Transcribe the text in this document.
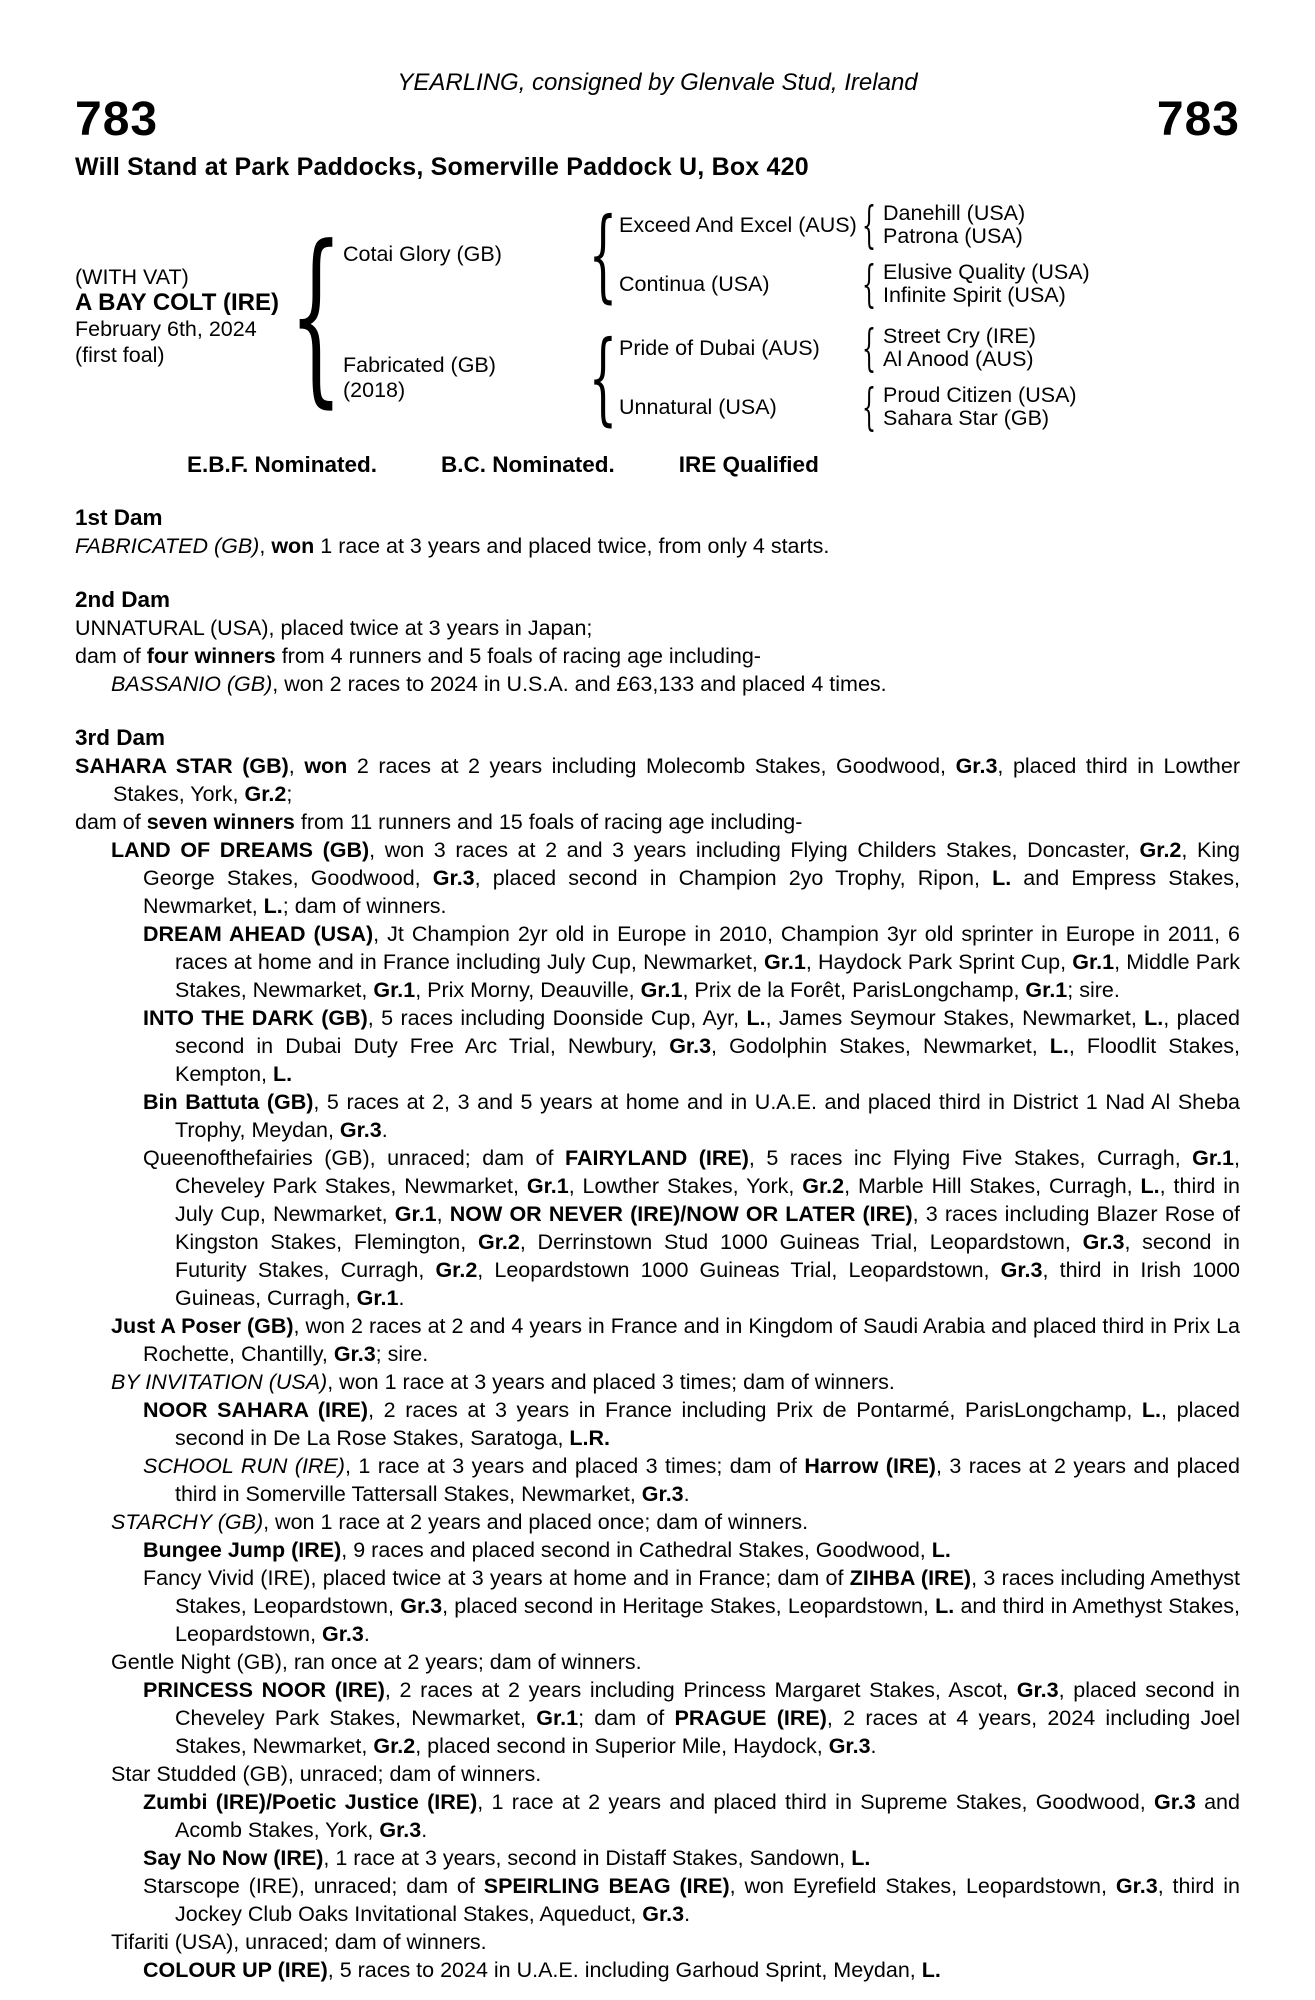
783	783
YEARLING, consigned by Glenvale Stud, Ireland
Will Stand at Park Paddocks, Somerville Paddock U, Box 420
(WITH VAT)
A BAY COLT (IRE)
February 6th, 2024
(first foal) { Cotai Glory (GB) { Exceed And Excel (AUS) { Danehill (USA)
Patrona (USA)
Continua (USA)	{ Elusive Quality (USA)
Infinite Spirit (USA)
Fabricated (GB)
(2018)	{ Pride of Dubai (AUS) { Street Cry (IRE)
Al Anood (AUS)
Unnatural (USA)	{ Proud Citizen (USA)
Sahara Star (GB)
E.B.F. Nominated.	B.C. Nominated.	IRE Qualified

1st Dam

FABRICATED (GB), won 1 race at 3 years and placed twice, from only 4 starts.

2nd Dam

UNNATURAL (USA), placed twice at 3 years in Japan;

dam of four winners from 4 runners and 5 foals of racing age including-

BASSANIO (GB), won 2 races to 2024 in U.S.A. and £63,133 and placed 4 times.

3rd Dam

SAHARA STAR (GB), won 2 races at 2 years including Molecomb Stakes, Goodwood, Gr.3, placed third in Lowther Stakes, York, Gr.2;

dam of seven winners from 11 runners and 15 foals of racing age including-

LAND OF DREAMS (GB), won 3 races at 2 and 3 years including Flying Childers Stakes, Doncaster, Gr.2, King George Stakes, Goodwood, Gr.3, placed second in Champion 2yo Trophy, Ripon, L. and Empress Stakes, Newmarket, L.; dam of winners.

DREAM AHEAD (USA), Jt Champion 2yr old in Europe in 2010, Champion 3yr old sprinter in Europe in 2011, 6 races at home and in France including July Cup, Newmarket, Gr.1, Haydock Park Sprint Cup, Gr.1, Middle Park Stakes, Newmarket, Gr.1, Prix Morny, Deauville, Gr.1, Prix de la Forêt, ParisLongchamp, Gr.1; sire.

INTO THE DARK (GB), 5 races including Doonside Cup, Ayr, L., James Seymour Stakes, Newmarket, L., placed second in Dubai Duty Free Arc Trial, Newbury, Gr.3, Godolphin Stakes, Newmarket, L., Floodlit Stakes, Kempton, L.

Bin Battuta (GB), 5 races at 2, 3 and 5 years at home and in U.A.E. and placed third in District 1 Nad Al Sheba Trophy, Meydan, Gr.3.

Queenofthefairies (GB), unraced; dam of FAIRYLAND (IRE), 5 races inc Flying Five Stakes, Curragh, Gr.1, Cheveley Park Stakes, Newmarket, Gr.1, Lowther Stakes, York, Gr.2, Marble Hill Stakes, Curragh, L., third in July Cup, Newmarket, Gr.1, NOW OR NEVER (IRE)/NOW OR LATER (IRE), 3 races including Blazer Rose of Kingston Stakes, Flemington, Gr.2, Derrinstown Stud 1000 Guineas Trial, Leopardstown, Gr.3, second in Futurity Stakes, Curragh, Gr.2, Leopardstown 1000 Guineas Trial, Leopardstown, Gr.3, third in Irish 1000 Guineas, Curragh, Gr.1.

Just A Poser (GB), won 2 races at 2 and 4 years in France and in Kingdom of Saudi Arabia and placed third in Prix La Rochette, Chantilly, Gr.3; sire.

BY INVITATION (USA), won 1 race at 3 years and placed 3 times; dam of winners.

NOOR SAHARA (IRE), 2 races at 3 years in France including Prix de Pontarmé, ParisLongchamp, L., placed second in De La Rose Stakes, Saratoga, L.R.

SCHOOL RUN (IRE), 1 race at 3 years and placed 3 times; dam of Harrow (IRE), 3 races at 2 years and placed third in Somerville Tattersall Stakes, Newmarket, Gr.3.

STARCHY (GB), won 1 race at 2 years and placed once; dam of winners.

Bungee Jump (IRE), 9 races and placed second in Cathedral Stakes, Goodwood, L.

Fancy Vivid (IRE), placed twice at 3 years at home and in France; dam of ZIHBA (IRE), 3 races including Amethyst Stakes, Leopardstown, Gr.3, placed second in Heritage Stakes, Leopardstown, L. and third in Amethyst Stakes, Leopardstown, Gr.3.

Gentle Night (GB), ran once at 2 years; dam of winners.

PRINCESS NOOR (IRE), 2 races at 2 years including Princess Margaret Stakes, Ascot, Gr.3, placed second in Cheveley Park Stakes, Newmarket, Gr.1; dam of PRAGUE (IRE), 2 races at 4 years, 2024 including Joel Stakes, Newmarket, Gr.2, placed second in Superior Mile, Haydock, Gr.3.

Star Studded (GB), unraced; dam of winners.

Zumbi (IRE)/Poetic Justice (IRE), 1 race at 2 years and placed third in Supreme Stakes, Goodwood, Gr.3 and Acomb Stakes, York, Gr.3.

Say No Now (IRE), 1 race at 3 years, second in Distaff Stakes, Sandown, L.

Starscope (IRE), unraced; dam of SPEIRLING BEAG (IRE), won Eyrefield Stakes, Leopardstown, Gr.3, third in Jockey Club Oaks Invitational Stakes, Aqueduct, Gr.3.

Tifariti (USA), unraced; dam of winners.

COLOUR UP (IRE), 5 races to 2024 in U.A.E. including Garhoud Sprint, Meydan, L.
